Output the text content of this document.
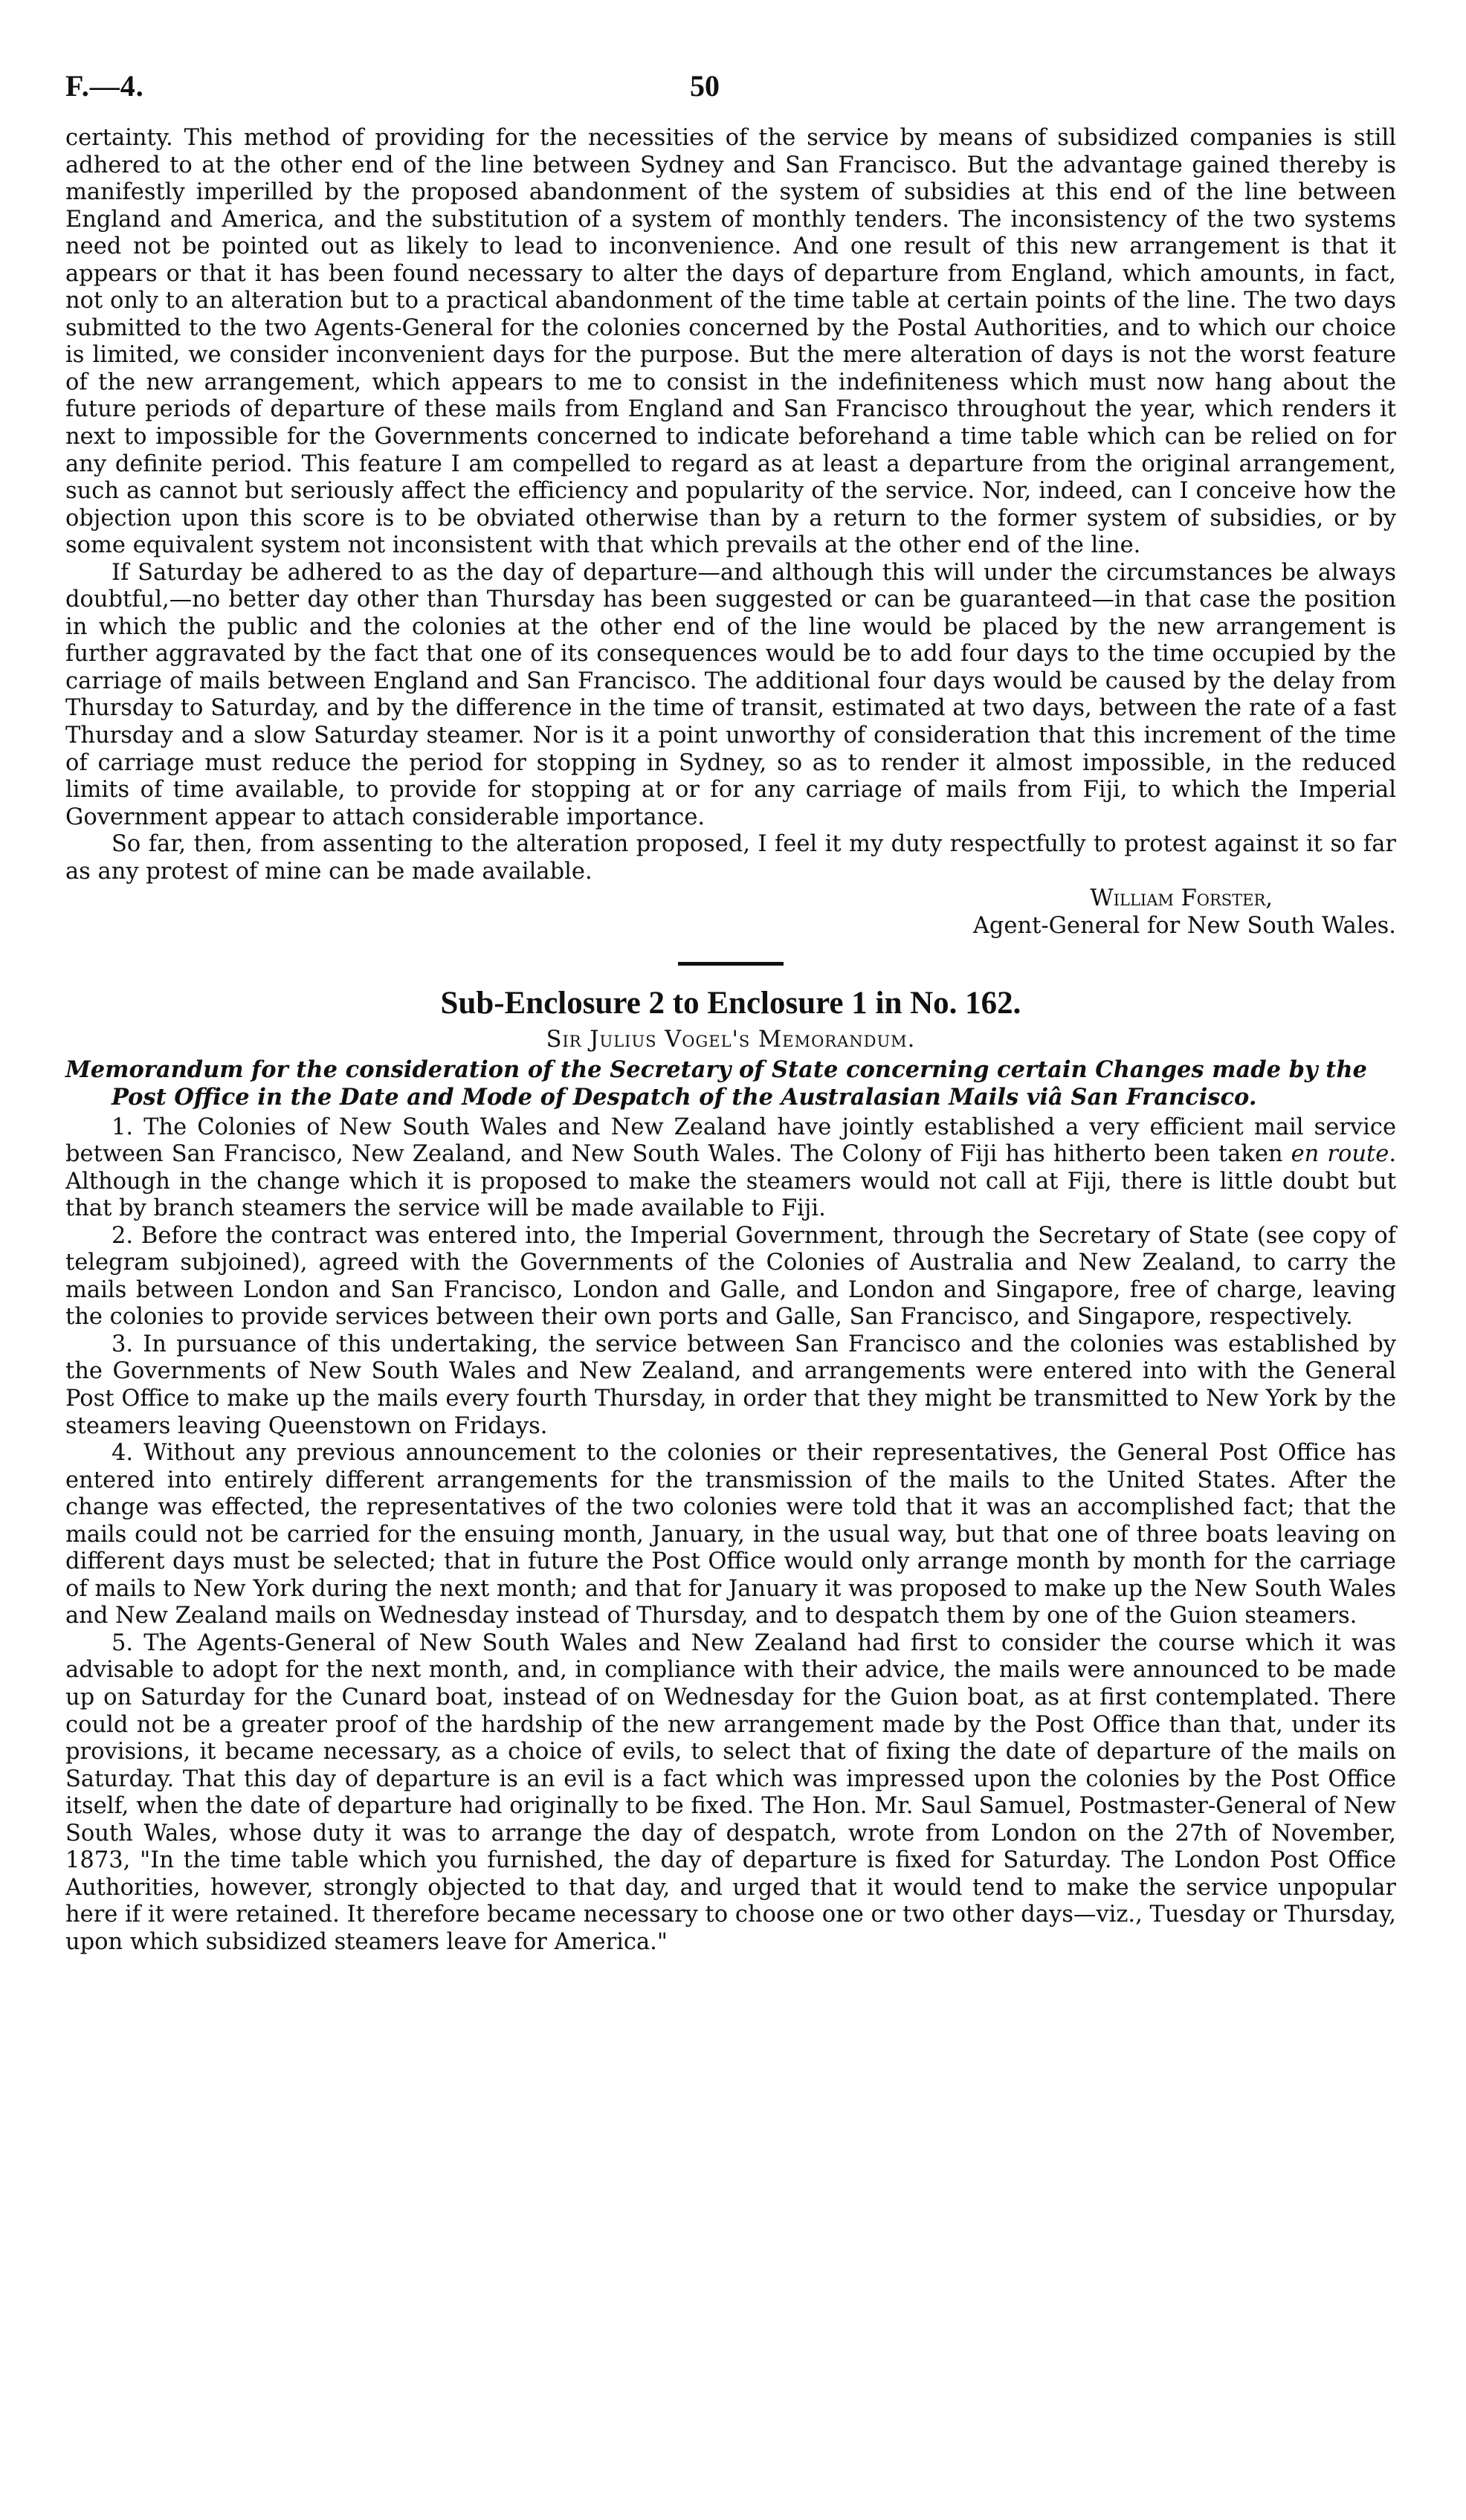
F.—4.	50

certainty. This method of providing for the necessities of the service by means of subsidized companies is still adhered to at the other end of the line between Sydney and San Francisco. But the advantage gained thereby is manifestly imperilled by the proposed abandonment of the system of subsidies at this end of the line between England and America, and the substitution of a system of monthly tenders. The inconsistency of the two systems need not be pointed out as likely to lead to inconvenience. And one result of this new arrangement is that it appears or that it has been found necessary to alter the days of departure from England, which amounts, in fact, not only to an alteration but to a practical abandonment of the time table at certain points of the line. The two days submitted to the two Agents-General for the colonies concerned by the Postal Authorities, and to which our choice is limited, we consider inconvenient days for the purpose. But the mere alteration of days is not the worst feature of the new arrangement, which appears to me to consist in the indefiniteness which must now hang about the future periods of departure of these mails from England and San Francisco throughout the year, which renders it next to impossible for the Governments concerned to indicate beforehand a time table which can be relied on for any definite period. This feature I am compelled to regard as at least a departure from the original arrangement, such as cannot but seriously affect the efficiency and popularity of the service. Nor, indeed, can I conceive how the objection upon this score is to be obviated otherwise than by a return to the former system of subsidies, or by some equivalent system not inconsistent with that which prevails at the other end of the line.

If Saturday be adhered to as the day of departure—and although this will under the circumstances be always doubtful,—no better day other than Thursday has been suggested or can be guaranteed—in that case the position in which the public and the colonies at the other end of the line would be placed by the new arrangement is further aggravated by the fact that one of its consequences would be to add four days to the time occupied by the carriage of mails between England and San Francisco. The additional four days would be caused by the delay from Thursday to Saturday, and by the difference in the time of transit, estimated at two days, between the rate of a fast Thursday and a slow Saturday steamer. Nor is it a point unworthy of consideration that this increment of the time of carriage must reduce the period for stopping in Sydney, so as to render it almost impossible, in the reduced limits of time available, to provide for stopping at or for any carriage of mails from Fiji, to which the Imperial Government appear to attach considerable importance.

So far, then, from assenting to the alteration proposed, I feel it my duty respectfully to protest against it so far as any protest of mine can be made available.

William Forster,
Agent-General for New South Wales.
Sub-Enclosure 2 to Enclosure 1 in No. 162.
Sir Julius Vogel's Memorandum.
Memorandum for the consideration of the Secretary of State concerning certain Changes made by the
Post Office in the Date and Mode of Despatch of the Australasian Mails viâ San Francisco.

1. The Colonies of New South Wales and New Zealand have jointly established a very efficient mail service between San Francisco, New Zealand, and New South Wales. The Colony of Fiji has hitherto been taken en route. Although in the change which it is proposed to make the steamers would not call at Fiji, there is little doubt but that by branch steamers the service will be made available to Fiji.

2. Before the contract was entered into, the Imperial Government, through the Secretary of State (see copy of telegram subjoined), agreed with the Governments of the Colonies of Australia and New Zealand, to carry the mails between London and San Francisco, London and Galle, and London and Singapore, free of charge, leaving the colonies to provide services between their own ports and Galle, San Francisco, and Singapore, respectively.

3. In pursuance of this undertaking, the service between San Francisco and the colonies was established by the Governments of New South Wales and New Zealand, and arrangements were entered into with the General Post Office to make up the mails every fourth Thursday, in order that they might be transmitted to New York by the steamers leaving Queenstown on Fridays.

4. Without any previous announcement to the colonies or their representatives, the General Post Office has entered into entirely different arrangements for the transmission of the mails to the United States. After the change was effected, the representatives of the two colonies were told that it was an accomplished fact; that the mails could not be carried for the ensuing month, January, in the usual way, but that one of three boats leaving on different days must be selected; that in future the Post Office would only arrange month by month for the carriage of mails to New York during the next month; and that for January it was proposed to make up the New South Wales and New Zealand mails on Wednesday instead of Thursday, and to despatch them by one of the Guion steamers.

5. The Agents-General of New South Wales and New Zealand had first to consider the course which it was advisable to adopt for the next month, and, in compliance with their advice, the mails were announced to be made up on Saturday for the Cunard boat, instead of on Wednesday for the Guion boat, as at first contemplated. There could not be a greater proof of the hardship of the new arrangement made by the Post Office than that, under its provisions, it became necessary, as a choice of evils, to select that of fixing the date of departure of the mails on Saturday. That this day of departure is an evil is a fact which was impressed upon the colonies by the Post Office itself, when the date of departure had originally to be fixed. The Hon. Mr. Saul Samuel, Postmaster-General of New South Wales, whose duty it was to arrange the day of despatch, wrote from London on the 27th of November, 1873, "In the time table which you furnished, the day of departure is fixed for Saturday. The London Post Office Authorities, however, strongly objected to that day, and urged that it would tend to make the service unpopular here if it were retained. It therefore became necessary to choose one or two other days—viz., Tuesday or Thursday, upon which subsidized steamers leave for America."
